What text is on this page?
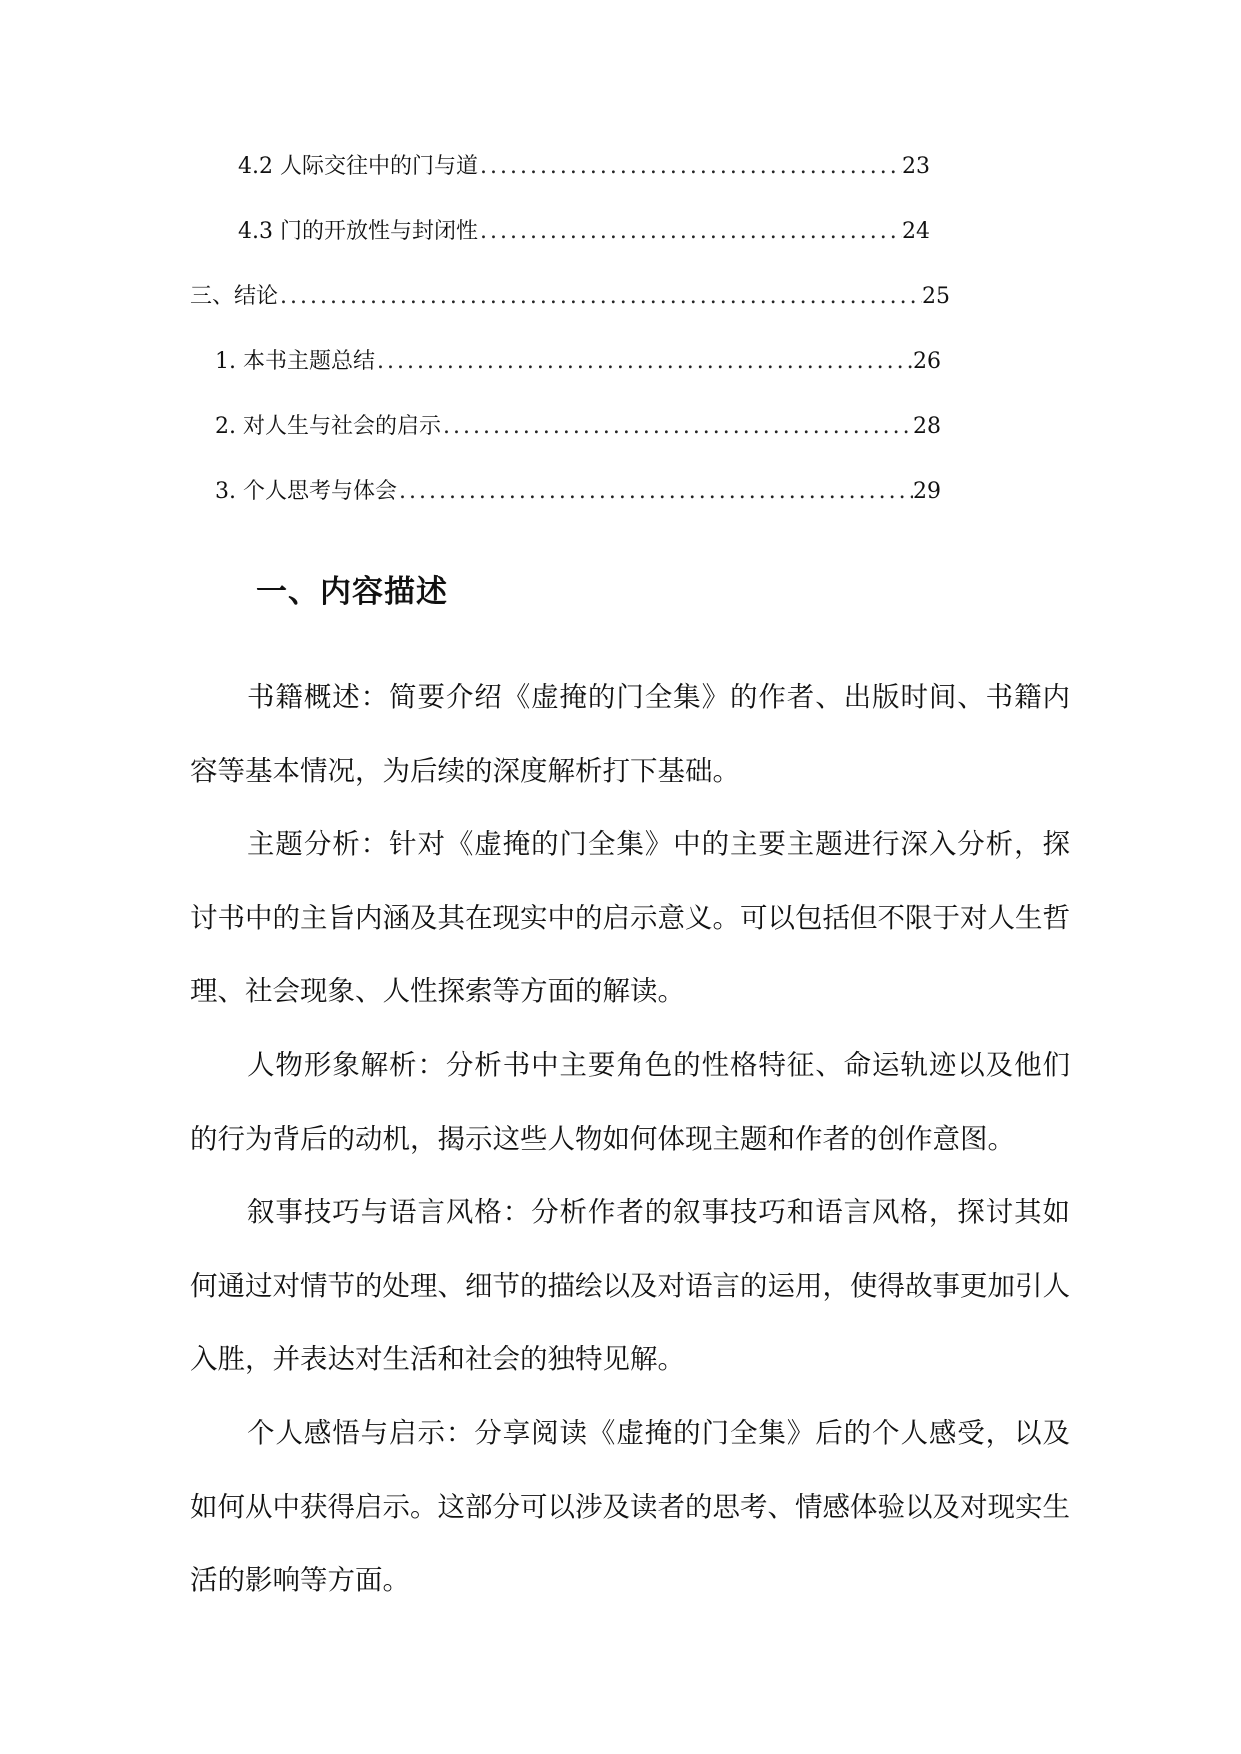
4.2 人际交往中的门与道 .....	23
4.3 门的开放性与封闭性 .....	24
三、结论 .....	25
1. 本书主题总结 .....	26
2. 对人生与社会的启示 .....	28
3. 个人思考与体会 .....	29
一、内容描述

书籍概述：简要介绍《虚掩的门全集》的作者、出版时间、书籍内容等基本情况，为后续的深度解析打下基础。

主题分析：针对《虚掩的门全集》中的主要主题进行深入分析，探讨书中的主旨内涵及其在现实中的启示意义。可以包括但不限于对人生哲理、社会现象、人性探索等方面的解读。

人物形象解析：分析书中主要角色的性格特征、命运轨迹以及他们的行为背后的动机，揭示这些人物如何体现主题和作者的创作意图。

叙事技巧与语言风格：分析作者的叙事技巧和语言风格，探讨其如何通过对情节的处理、细节的描绘以及对语言的运用，使得故事更加引人入胜，并表达对生活和社会的独特见解。

个人感悟与启示：分享阅读《虚掩的门全集》后的个人感受，以及如何从中获得启示。这部分可以涉及读者的思考、情感体验以及对现实生活的影响等方面。
